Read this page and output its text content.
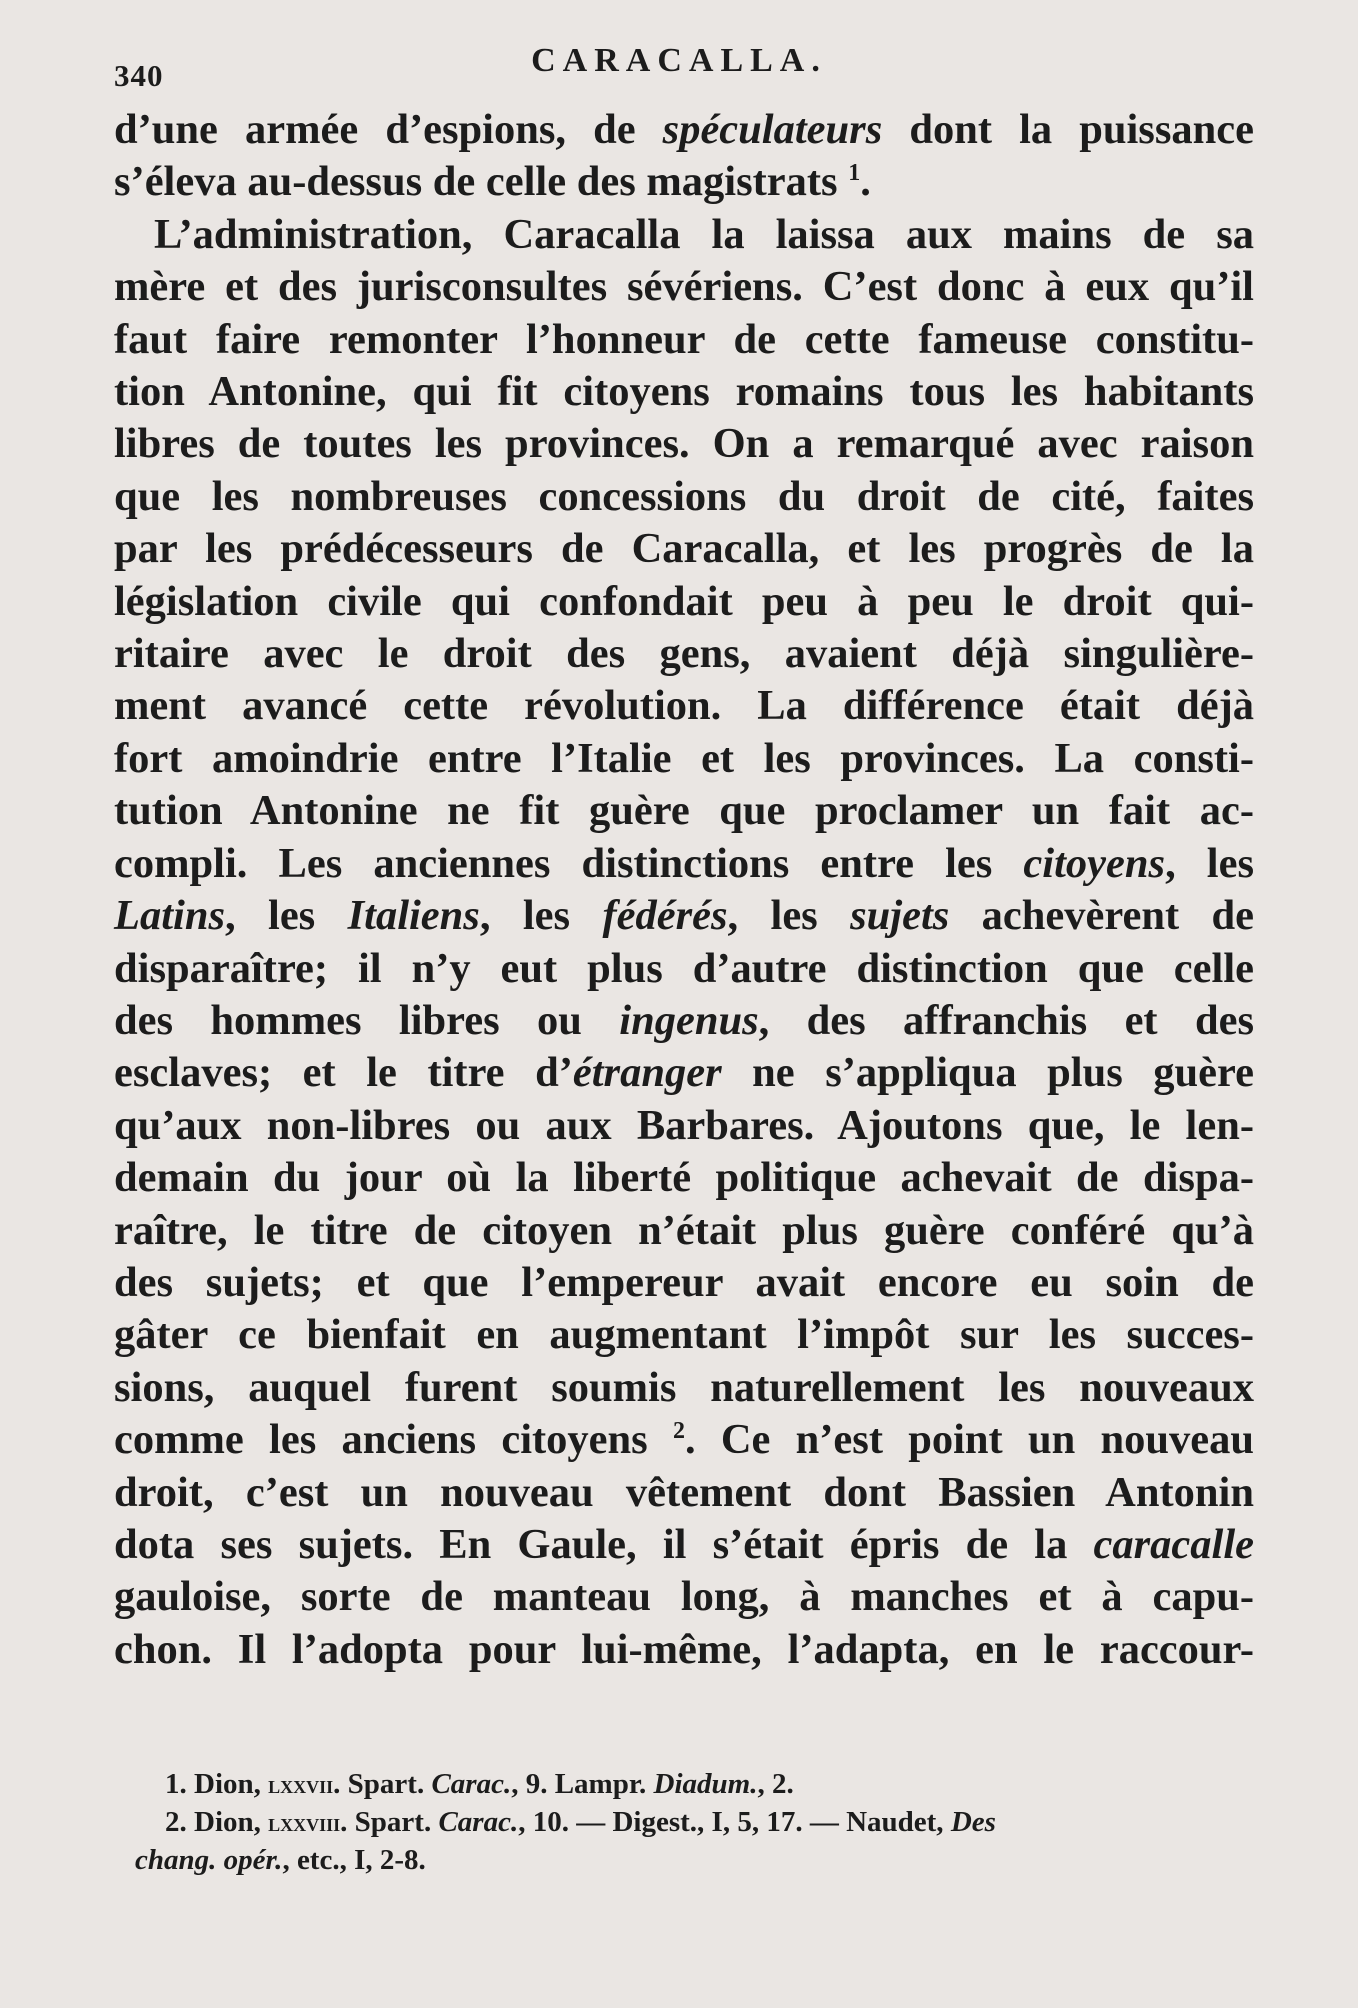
340	CARACALLA.
d’une armée d’espions, de spéculateurs dont la puissance
s’éleva au-dessus de celle des magistrats $^1$.
L’administration, Caracalla la laissa aux mains de sa
mère et des jurisconsultes sévériens. C’est donc à eux qu’il
faut faire remonter l’honneur de cette fameuse constitu-
tion Antonine, qui fit citoyens romains tous les habitants
libres de toutes les provinces. On a remarqué avec raison
que les nombreuses concessions du droit de cité, faites
par les prédécesseurs de Caracalla, et les progrès de la
législation civile qui confondait peu à peu le droit qui-
ritaire avec le droit des gens, avaient déjà singulière-
ment avancé cette révolution. La différence était déjà
fort amoindrie entre l’Italie et les provinces. La consti-
tution Antonine ne fit guère que proclamer un fait ac-
compli. Les anciennes distinctions entre les citoyens, les
Latins, les Italiens, les fédérés, les sujets achevèrent de
disparaître; il n’y eut plus d’autre distinction que celle
des hommes libres ou ingenus, des affranchis et des
esclaves; et le titre d’étranger ne s’appliqua plus guère
qu’aux non-libres ou aux Barbares. Ajoutons que, le len-
demain du jour où la liberté politique achevait de dispa-
raître, le titre de citoyen n’était plus guère conféré qu’à
des sujets; et que l’empereur avait encore eu soin de
gâter ce bienfait en augmentant l’impôt sur les succes-
sions, auquel furent soumis naturellement les nouveaux
comme les anciens citoyens $^2$. Ce n’est point un nouveau
droit, c’est un nouveau vêtement dont Bassien Antonin
dota ses sujets. En Gaule, il s’était épris de la caracalle
gauloise, sorte de manteau long, à manches et à capu-
chon. Il l’adopta pour lui-même, l’adapta, en le raccour-
1. Dion, lxxvii. Spart. Carac., 9. Lampr. Diadum., 2.
2. Dion, lxxviii. Spart. Carac., 10. — Digest., I, 5, 17. — Naudet, Des
chang. opér., etc., I, 2-8.
